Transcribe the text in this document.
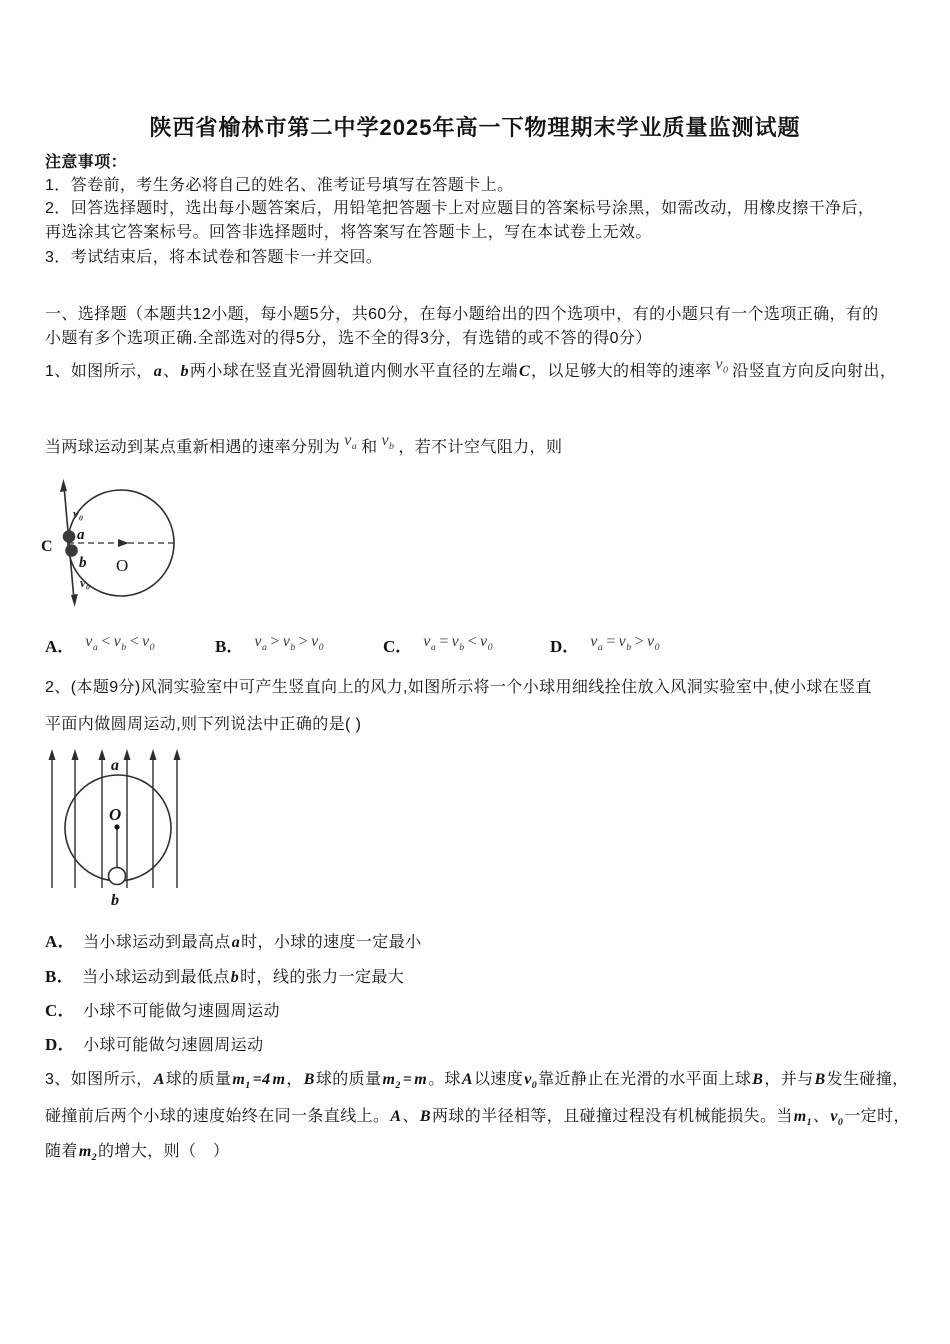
陕西省榆林市第二中学2025年高一下物理期末学业质量监测试题
注意事项：
1．答卷前，考生务必将自己的姓名、准考证号填写在答题卡上。
2．回答选择题时，选出每小题答案后，用铅笔把答题卡上对应题目的答案标号涂黑，如需改动，用橡皮擦干净后，
再选涂其它答案标号。回答非选择题时，将答案写在答题卡上，写在本试卷上无效。
3．考试结束后，将本试卷和答题卡一并交回。
一、选择题（本题共12小题，每小题5分，共60分，在每小题给出的四个选项中，有的小题只有一个选项正确，有的
小题有多个选项正确.全部选对的得5分，选不全的得3分，有选错的或不答的得0分）
1、如图所示，a、b两小球在竖直光滑圆轨道内侧水平直径的左端C，以足够大的相等的速率 $v_0$ 沿竖直方向反向射出，
当两球运动到某点重新相遇的速率分别为 $v_a$ 和 $v_b$ ，若不计空气阻力，则
v₀
a
C
b
v₀
O
A． $v_a < v_b < v_0$	B． $v_a > v_b > v_0$	C． $v_a = v_b < v_0$	D． $v_a = v_b > v_0$
2、(本题9分)风洞实验室中可产生竖直向上的风力,如图所示将一个小球用细线拴住放入风洞实验室中,使小球在竖直
平面内做圆周运动,则下列说法中正确的是( )
a
O
b
A． 当小球运动到最高点a时，小球的速度一定最小
B． 当小球运动到最低点b时，线的张力一定最大
C． 小球不可能做匀速圆周运动
D． 小球可能做匀速圆周运动
3、如图所示，A球的质量$m_1 =4$ m，B球的质量$m_2 = m$。球A以速度$v_0$靠近静止在光滑的水平面上球B，并与B发生碰撞，
碰撞前后两个小球的速度始终在同一条直线上。A、B两球的半径相等，且碰撞过程没有机械能损失。当$m_1$、$v_0$一定时，
随着$m_2$的增大，则（　）
